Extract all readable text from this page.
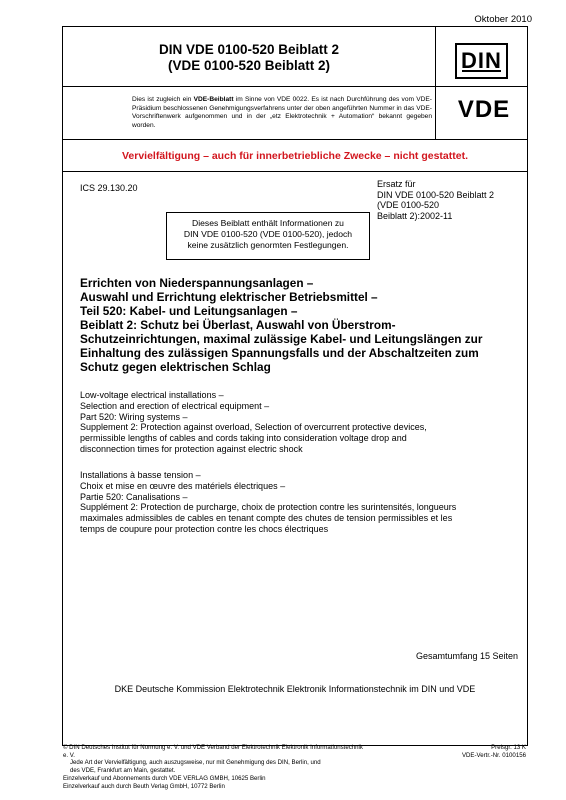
Oktober 2010
DIN VDE 0100-520 Beiblatt 2
(VDE 0100-520 Beiblatt 2)	DIN
Dies ist zugleich ein VDE-Beiblatt im Sinne von VDE 0022. Es ist nach Durchführung des vom VDE-Präsidium beschlossenen Genehmigungsverfahrens unter der oben angeführten Nummer in das VDE-Vorschriftenwerk aufgenommen und in der „etz Elektrotechnik + Automation“ bekannt gegeben worden.
VDE
Vervielfältigung – auch für innerbetriebliche Zwecke – nicht gestattet.
ICS 29.130.20	Ersatz für
DIN VDE 0100-520 Beiblatt 2
(VDE 0100-520
Beiblatt 2):2002-11
Dieses Beiblatt enthält Informationen zu
DIN VDE 0100-520 (VDE 0100-520), jedoch
keine zusätzlich genormten Festlegungen.
Errichten von Niederspannungsanlagen –
Auswahl und Errichtung elektrischer Betriebsmittel –
Teil 520: Kabel- und Leitungsanlagen –
Beiblatt 2: Schutz bei Überlast, Auswahl von Überstrom-
Schutzeinrichtungen, maximal zulässige Kabel- und Leitungslängen zur
Einhaltung des zulässigen Spannungsfalls und der Abschaltzeiten zum
Schutz gegen elektrischen Schlag
Low-voltage electrical installations –
Selection and erection of electrical equipment –
Part 520: Wiring systems –
Supplement 2: Protection against overload, Selection of overcurrent protective devices,
permissible lengths of cables and cords taking into consideration voltage drop and
disconnection times for protection against electric shock
Installations à basse tension –
Choix et mise en œuvre des matériels électriques –
Partie 520: Canalisations –
Supplément 2: Protection de purcharge, choix de protection contre les surintensités, longueurs
maximales admissibles de cables en tenant compte des chutes de tension permissibles et les
temps de coupure pour protection contre les chocs électriques
Gesamtumfang 15 Seiten
DKE Deutsche Kommission Elektrotechnik Elektronik Informationstechnik im DIN und VDE
© DIN Deutsches Institut für Normung e. V. und VDE Verband der Elektrotechnik Elektronik Informationstechnik e. V.
Jede Art der Vervielfältigung, auch auszugsweise, nur mit Genehmigung des DIN, Berlin, und
des VDE, Frankfurt am Main, gestattet.
Einzelverkauf und Abonnements durch VDE VERLAG GMBH, 10625 Berlin
Einzelverkauf auch durch Beuth Verlag GmbH, 10772 Berlin
Preisgr. 13 K
VDE-Vertr.-Nr. 0100156
